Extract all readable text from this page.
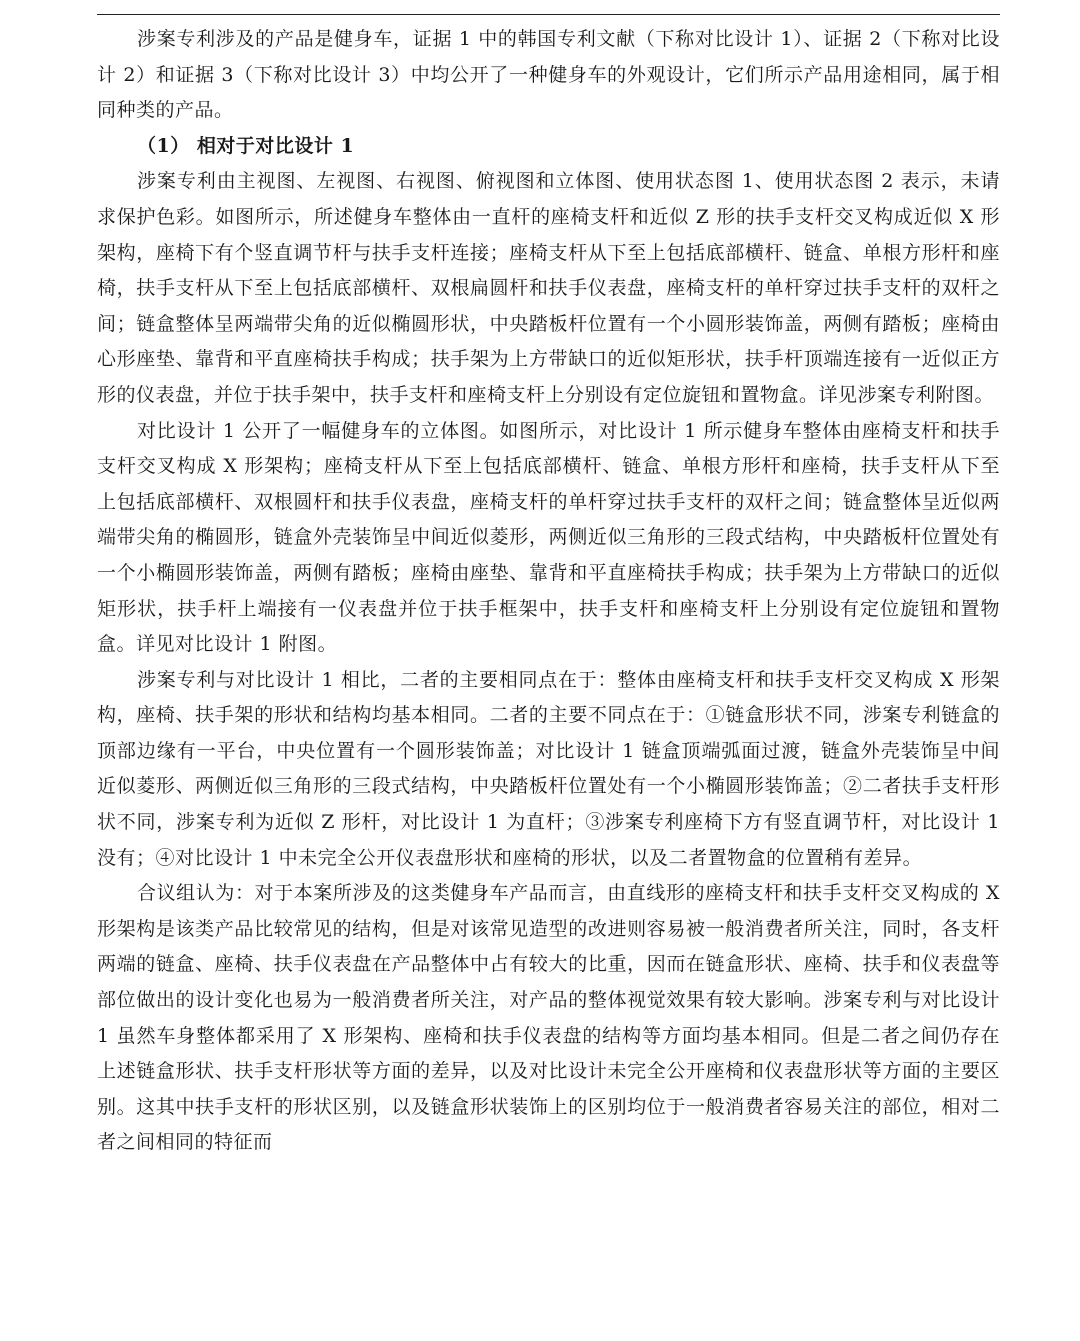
涉案专利涉及的产品是健身车，证据 1 中的韩国专利文献（下称对比设计 1）、证据 2（下称对比设计 2）和证据 3（下称对比设计 3）中均公开了一种健身车的外观设计，它们所示产品用途相同，属于相同种类的产品。

（1） 相对于对比设计 1

涉案专利由主视图、左视图、右视图、俯视图和立体图、使用状态图 1、使用状态图 2 表示，未请求保护色彩。如图所示，所述健身车整体由一直杆的座椅支杆和近似 Z 形的扶手支杆交叉构成近似 X 形架构，座椅下有个竖直调节杆与扶手支杆连接；座椅支杆从下至上包括底部横杆、链盒、单根方形杆和座椅，扶手支杆从下至上包括底部横杆、双根扁圆杆和扶手仪表盘，座椅支杆的单杆穿过扶手支杆的双杆之间；链盒整体呈两端带尖角的近似椭圆形状，中央踏板杆位置有一个小圆形装饰盖，两侧有踏板；座椅由心形座垫、靠背和平直座椅扶手构成；扶手架为上方带缺口的近似矩形状，扶手杆顶端连接有一近似正方形的仪表盘，并位于扶手架中，扶手支杆和座椅支杆上分别设有定位旋钮和置物盒。详见涉案专利附图。

对比设计 1 公开了一幅健身车的立体图。如图所示，对比设计 1 所示健身车整体由座椅支杆和扶手支杆交叉构成 X 形架构；座椅支杆从下至上包括底部横杆、链盒、单根方形杆和座椅，扶手支杆从下至上包括底部横杆、双根圆杆和扶手仪表盘，座椅支杆的单杆穿过扶手支杆的双杆之间；链盒整体呈近似两端带尖角的椭圆形，链盒外壳装饰呈中间近似菱形，两侧近似三角形的三段式结构，中央踏板杆位置处有一个小椭圆形装饰盖，两侧有踏板；座椅由座垫、靠背和平直座椅扶手构成；扶手架为上方带缺口的近似矩形状，扶手杆上端接有一仪表盘并位于扶手框架中，扶手支杆和座椅支杆上分别设有定位旋钮和置物盒。详见对比设计 1 附图。

涉案专利与对比设计 1 相比，二者的主要相同点在于：整体由座椅支杆和扶手支杆交叉构成 X 形架构，座椅、扶手架的形状和结构均基本相同。二者的主要不同点在于：①链盒形状不同，涉案专利链盒的顶部边缘有一平台，中央位置有一个圆形装饰盖；对比设计 1 链盒顶端弧面过渡，链盒外壳装饰呈中间近似菱形、两侧近似三角形的三段式结构，中央踏板杆位置处有一个小椭圆形装饰盖；②二者扶手支杆形状不同，涉案专利为近似 Z 形杆，对比设计 1 为直杆；③涉案专利座椅下方有竖直调节杆，对比设计 1 没有；④对比设计 1 中未完全公开仪表盘形状和座椅的形状，以及二者置物盒的位置稍有差异。

合议组认为：对于本案所涉及的这类健身车产品而言，由直线形的座椅支杆和扶手支杆交叉构成的 X 形架构是该类产品比较常见的结构，但是对该常见造型的改进则容易被一般消费者所关注，同时，各支杆两端的链盒、座椅、扶手仪表盘在产品整体中占有较大的比重，因而在链盒形状、座椅、扶手和仪表盘等部位做出的设计变化也易为一般消费者所关注，对产品的整体视觉效果有较大影响。涉案专利与对比设计 1 虽然车身整体都采用了 X 形架构、座椅和扶手仪表盘的结构等方面均基本相同。但是二者之间仍存在上述链盒形状、扶手支杆形状等方面的差异，以及对比设计未完全公开座椅和仪表盘形状等方面的主要区别。这其中扶手支杆的形状区别，以及链盒形状装饰上的区别均位于一般消费者容易关注的部位，相对二者之间相同的特征而
